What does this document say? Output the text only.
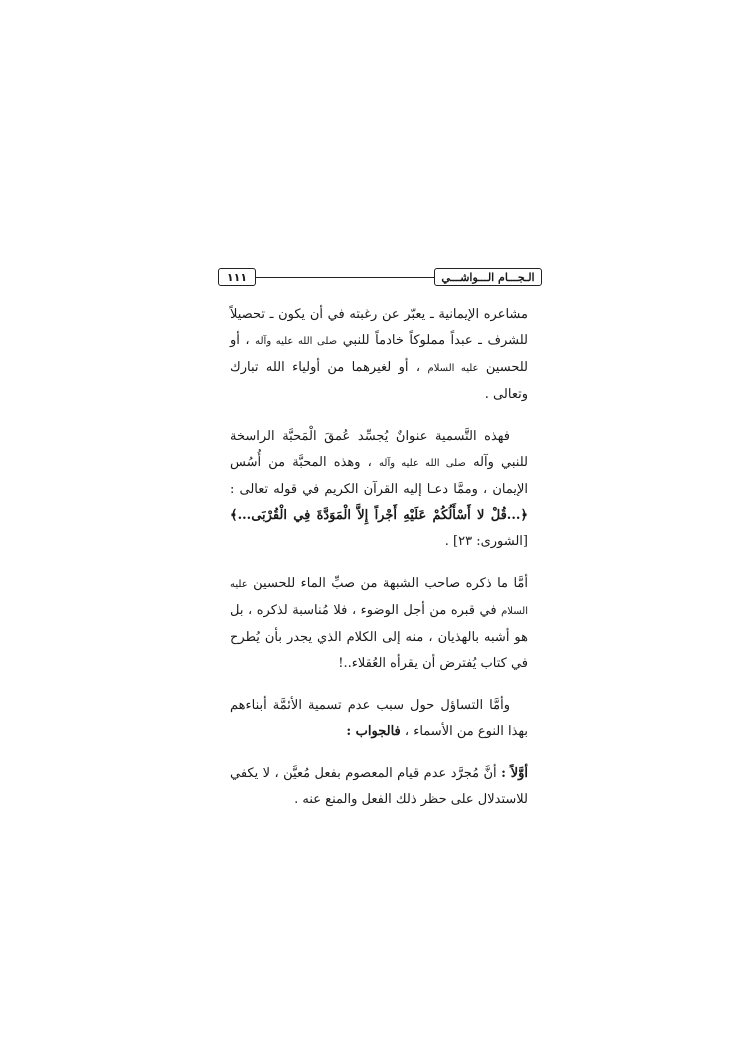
١١١	الـجـــام الـــواشـــي

مشاعره الإيمانية ـ يعبّر عن رغبته في أن يكون ـ تحصيلاً للشرف ـ عبداً مملوكاً خادماً للنبي صلى الله عليه وآله ، أو للحسين عليه السلام ، أو لغيرهما من أولياء الله تبارك وتعالى .

فهذه التَّسمية عنوانٌ يُجسِّد عُمقَ الْمَحبَّة الراسخة للنبي وآله صلى الله عليه وآله ، وهذه المحبَّة من أُسُس الإيمان ، وممَّا دعـا إليه القرآن الكريم في قوله تعالى : ﴿...قُلْ لا أَسْأَلُكُمْ عَلَيْهِ أَجْراً إِلاَّ الْمَوَدَّةَ فِي الْقُرْبَى...﴾ [الشورى: ٢٣] .

أمَّا ما ذكره صاحب الشبهة من صبِّ الماء للحسين عليه السلام في قبره من أجل الوضوء ، فلا مُناسبة لذكره ، بل هو أشبه بالهذيان ، منه إلى الكلام الذي يجدر بأن يُطرح في كتاب يُفترض أن يقرأه العُقلاء..!

وأمَّا التساؤل حول سبب عدم تسمية الأئمَّة أبناءهم بهذا النوع من الأسماء ، فالجواب :

أوَّلاً : أنَّ مُجرَّد عدم قيام المعصوم بفعل مُعيَّن ، لا يكفي للاستدلال على حظر ذلك الفعل والمنع عنه .
